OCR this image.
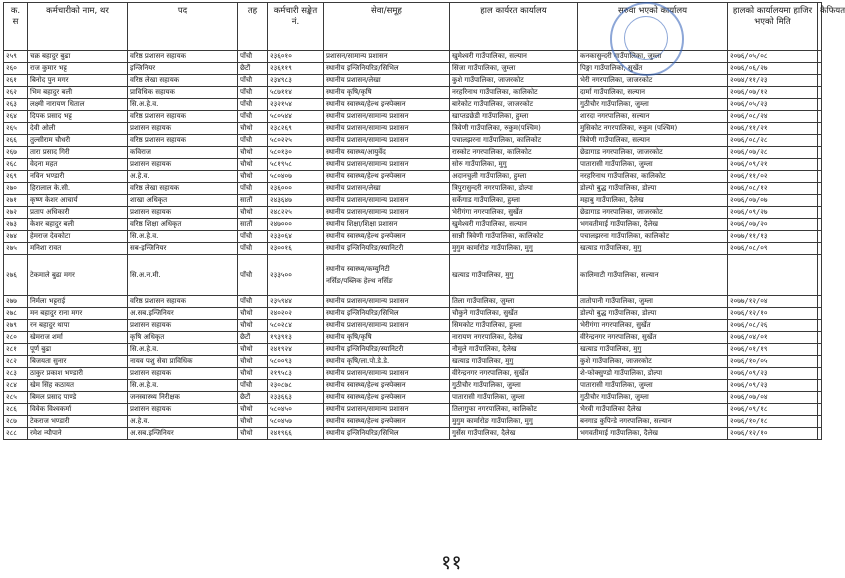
क.
स	कर्मचारीको नाम, थर	पद	तह	कर्मचारी सङ्केत नं.	सेवा/समूह	हाल कार्यरत कार्यालय	सरुवा भएको कार्यालय	हालको कार्यालयमा हाजिर भएको मिति	कैफियत
२५९	चक्र बहादुर बुढा	वरिष्ठ प्रशासन सहायक	पाँचौ	२३६०१०	प्रशासन/सामान्य प्रशासन	खुमेश्वरी गाउँपालिका, सल्यान	कनकासुन्दरी गाउँपालिका, जुम्ला	२०७६/०५/०८	
२६०	राज कुमार भट्ट	इन्जिनियर	छैटौं	२३६११९	स्थानीय इन्जिनियरिङ/सिभिल	सिंजा गाउँपालिका, जुम्ला	पिङ्गा गाउँपालिका, सुर्खेत	२०७६/०६/२७	
२६१	बिनोद पुन मगर	वरिष्ठ लेखा सहायक	पाँचौ	२३४९८३	स्थानीय प्रशासन/लेखा	कुशे गाउँपालिका, जाजरकोट	भेरी नगरपालिका, जाजरकोट	२०७४/११/२३	
२६२	भिम बहादुर बली	प्राविधिक सहायक	पाँचौ	५८७११४	स्थानीय कृषि/कृषि	नरहरिनाथ गाउँपालिका, कालिकोट	दार्मा गाउँपालिका, सल्यान	२०७६/०७/१२	
२६३	लक्ष्मी नारायण धिताल	सि.अ.हे.व.	पाँचौ	२३२१५४	स्थानीय स्वास्थ्य/हेल्थ इन्स्पेक्सन	बारेकोट गाउँपालिका, जाजरकोट	गुठीचौर गाउँपालिका, जुम्ला	२०७६/०५/२३	
२६४	दिपक प्रसाद भट्ट	वरिष्ठ प्रशासन सहायक	पाँचौ	५८०५४४	स्थानीय प्रशासन/सामान्य प्रशासन	खाप्तडछेडी गाउँपालिका, हुम्ला	शारदा नगरपालिका, सल्यान	२०७६/०८/२४	
२६५	देवी ओली	प्रशासन सहायक	चौथो	२३८२६९	स्थानीय प्रशासन/सामान्य प्रशासन	त्रिवेणी गाउँपालिका, रुकुम(पश्चिम)	मुसिकोट नगरपालिका, रुकुम (पश्चिम)	२०७६/११/२१	
२६६	तुल्सीराम चौधरी	वरिष्ठ प्रशासन सहायक	पाँचौ	५८०२२५	स्थानीय प्रशासन/सामान्य प्रशासन	पचालझरना गाउँपालिका, कालिकोट	त्रिवेणी गाउँपालिका, सल्यान	२०७६/०८/२८	
२६७	तारा प्रसाद गिरी	कविराज	चौथो	५८०१३०	स्थानीय स्वास्थ्य/आयुर्वेद	रास्कोट नगरपालिका, कालिकोट	छेडागाड नगरपालिका, जाजरकोट	२०७६/०७/२८	
२६८	वेदना महत	प्रशासन सहायक	चौथो	५८१९५८	स्थानीय प्रशासन/सामान्य प्रशासन	सोरु गाउँपालिका, मुगु	पातारासी गाउँपालिका, जुम्ला	२०७६/०९/२१	
२६९	नविन भण्डारी	अ.हे.व.	चौथो	५८०४०७	स्थानीय स्वास्थ्य/हेल्थ इन्स्पेक्सन	अदानचुली गाउँपालिका, हुम्ला	नरहरिनाथ गाउँपालिका, कालिकोट	२०७६/११/०२	
२७०	हिरालाल के.सी.	वरिष्ठ लेखा सहायक	पाँचौ	२३६०००	स्थानीय प्रशासन/लेखा	त्रिपुरासुन्दरी नगरपालिका, डोल्पा	डोल्पो बुद्ध गाउँपालिका, डोल्पा	२०७६/०८/१२	
२७१	कृष्ण केशर आचार्य	शाखा अधिकृत	सातौं	२४३६४७	स्थानीय प्रशासन/सामान्य प्रशासन	सर्केगाड गाउँपालिका, हुम्ला	महाबु गाउँपालिका, दैलेख	२०७६/०७/०७	
२७२	प्रताप अधिकारी	प्रशासन सहायक	चौथो	२४८२२५	स्थानीय प्रशासन/सामान्य प्रशासन	भेरीगंगा नगरपालिका, सुर्खेत	छेडागाड नगरपालिका, जाजरकोट	२०७६/०९/२७	
२७३	केशर बहादुर बली	वरिष्ठ शिक्षा अधिकृत	सातौं	२४७०००	स्थानीय शिक्षा/शिक्षा प्रशासन	खुमेश्वरी गाउँपालिका, सल्यान	भगवतीमाई गाउँपालिका, दैलेख	२०७६/०७/२०	
२७४	हेमराज देवकोटा	सि.अ.हे.व.	पाँचौ	२३३०६४	स्थानीय स्वास्थ्य/हेल्थ इन्स्पेक्सन	सान्नी त्रिवेणी गाउँपालिका, कालिकोट	पचालझरना गाउँपालिका, कालिकोट	२०७७/११/१३	
२७५	मनिशा रावत	सब-इन्जिनियर	पाँचौ	२३००१६	स्थानीय इन्जिनियरिङ/स्यानिटरी	मुगुम कार्मारोङ गाउँपालिका, मुगु	खत्याड गाउँपालिका, मुगु	२०७६/०८/०९	
२७६	टेकमाले बुढा मगर	सि.अ.न.मी.	पाँचौ	२३३५००	स्थानीय स्वास्थ्य/कम्युनिटी
नर्सिङ/पब्लिक हेल्थ नर्सिङ	खत्याड गाउँपालिका, मुगु	कालिमाटी गाउँपालिका, सल्यान		
२७७	निर्मला भट्टराई	वरिष्ठ प्रशासन सहायक	पाँचौ	२३५९४४	स्थानीय प्रशासन/सामान्य प्रशासन	तिला गाउँपालिका, जुम्ला	तातोपानी गाउँपालिका, जुम्ला	२०७७/१२/०४	
२७८	मन बहादुर राना मगर	अ.सब.इन्जिनियर	चौथो	२४०२०२	स्थानीय इन्जिनियरिङ/सिभिल	चौकुने गाउँपालिका, सुर्खेत	डोल्पो बुद्ध गाउँपालिका, डोल्पा	२०७६/१२/१०	
२७९	रन बहादुर थापा	प्रशासन सहायक	चौथो	५८०२८४	स्थानीय प्रशासन/सामान्य प्रशासन	सिमकोट गाउँपालिका, हुम्ला	भेरीगंगा नगरपालिका, सुर्खेत	२०७६/०८/२६	
२८०	खेमराज शर्मा	कृषि अधिकृत	छैटौं	१९३९१३	स्थानीय कृषि/कृषि	नारायण नगरपालिका, दैलेख	वीरेन्द्रनगर नगरपालिका, सुर्खेत	२०७६/०४/०१	
२८१	पूर्ण बुढा	सि.अ.हे.व.	चौथो	२४१९२४	स्थानीय इन्जिनियरिङ/स्यानिटरी	नौमुले गाउँपालिका, दैलेख	खत्याड गाउँपालिका, मुगु	२०७६/०१/१९	
२८२	बिजयता सुनार	नायव पशु सेवा प्राविधिक	चौथो	५८००९३	स्थानीय कृषि/ला.पो.डे.डे.	खत्याड गाउँपालिका, मुगु	कुशे गाउँपालिका, जाजरकोट	२०७६/१०/०५	
२८३	ठाकुर प्रकाश भण्डारी	प्रशासन सहायक	चौथो	२१९५८३	स्थानीय प्रशासन/सामान्य प्रशासन	वीरेन्द्रनगर नगरपालिका, सुर्खेत	शे-फोक्सुण्डो गाउँपालिका, डोल्पा	२०७६/०९/२३	
२८४	खेम सिंह कठायत	सि.अ.हे.व.	पाँचौ	२३०८७८	स्थानीय स्वास्थ्य/हेल्थ इन्स्पेक्सन	गुठीचौर गाउँपालिका, जुम्ला	पातारासी गाउँपालिका, जुम्ला	२०७६/०९/२३	
२८५	बिमल प्रसाद पाण्डे	जनस्वास्थ्य निरीक्षक	छैटौं	२३३६६३	स्थानीय स्वास्थ्य/हेल्थ इन्स्पेक्सन	पातारासी गाउँपालिका, जुम्ला	गुठीचौर गाउँपालिका, जुम्ला	२०७६/०७/०४	
२८६	विवेक विश्वकर्मा	प्रशासन सहायक	चौथो	५८०४५०	स्थानीय प्रशासन/सामान्य प्रशासन	तिलागुफा नगरपालिका, कालिकोट	भैरवी गाउँपालिका दैलेख	२०७६/०९/१८	
२८७	टेकराज भण्डारी	अ.हे.व.	चौथो	५८०४५७	स्थानीय स्वास्थ्य/हेल्थ इन्स्पेक्सन	मुगुम कार्मारोङ गाउँपालिका, मुगु	बनगाड कुपिन्डे नगरपालिका, सल्यान	२०७६/१०/१८	
२८८	रमेश न्यौपाने	अ.सब.इन्जिनियर	चौथो	२४१९६६	स्थानीय इन्जिनियरिङ/सिभिल	गुर्सेस गाउँपालिका, दैलेख	भगवतीमाई गाउँपालिका, दैलेख	२०७६/१२/१०	
११
